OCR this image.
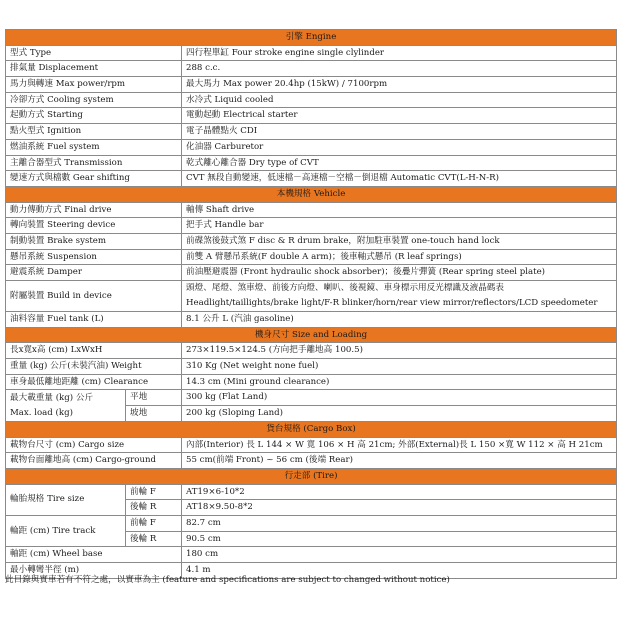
引擎 Engine		
型式 Type		四行程單缸 Four stroke engine single clylinder
排氣量 Displacement		288 c.c.
馬力與轉速 Max power/rpm		最大馬力 Max power 20.4hp (15kW) / 7100rpm
冷卻方式 Cooling system		水冷式 Liquid cooled
起動方式 Starting		電動起動 Electrical starter
點火型式 Ignition		電子晶體點火 CDI
燃油系統 Fuel system		化油器 Carburetor
主離合器型式 Transmission		乾式離心離合器 Dry type of CVT
變速方式與檔數 Gear shifting		CVT 無段自動變速，低速檔－高速檔－空檔－倒退檔 Automatic CVT(L-H-N-R)
本機規格 Vehicle		
動力傳動方式 Final drive		軸傳 Shaft drive
轉向裝置 Steering device		把手式 Handle bar
制動裝置 Brake system		前碟煞後鼓式煞 F disc & R drum brake，附加駐車裝置 one-touch hand lock
懸吊系統 Suspension		前雙 A 臂懸吊系統(F double A arm)；後車軸式懸吊 (R leaf springs)
避震系統 Damper		前油壓避震器 (Front hydraulic shock absorber)；後疊片彈簧 (Rear spring steel plate)
附屬裝置 Build in device		頭燈、尾燈、煞車燈、前後方向燈、喇叭、後視鏡、車身標示用反光標識及液晶碼表
Headlight/taillights/brake light/F-R blinker/horn/rear view mirror/reflectors/LCD speedometer

油料容量 Fuel tank (L)		8.1 公升 L (汽油 gasoline)
機身尺寸 Size and Loading		
長x寬x高 (cm) LxWxH		273×119.5×124.5 (方向把手離地高 100.5)
重量 (kg) 公斤(未裝汽油) Weight		310 Kg (Net weight none fuel)
車身最低離地距離 (cm) Clearance		14.3 cm (Mini ground clearance)

最大載重量 (kg) 公斤
Max. load (kg)	平地	300 kg (Flat Land)
	坡地	200 kg (Sloping Land)
貨台規格 (Cargo Box)		
載物台尺寸 (cm) Cargo size		內部(Interior) 長 L 144 × W 寬 106 × H 高 21cm; 外部(External)長 L 150 ×寬 W 112 × 高 H 21cm
載物台面離地高 (cm) Cargo-ground		55 cm(前端 Front) ~ 56 cm (後端 Rear)
行走部 (Tire)		
輪胎規格 Tire size	前輪 F	AT19×6-10*2
	後輪 R	AT18×9.50-8*2
輪距 (cm) Tire track	前輪 F	82.7 cm
	後輪 R	90.5 cm
軸距 (cm) Wheel base		180 cm
最小轉彎半徑 (m)		4.1 m
此目錄與實車若有不符之處，以實車為主 (feature and specifications are subject to changed without notice)
